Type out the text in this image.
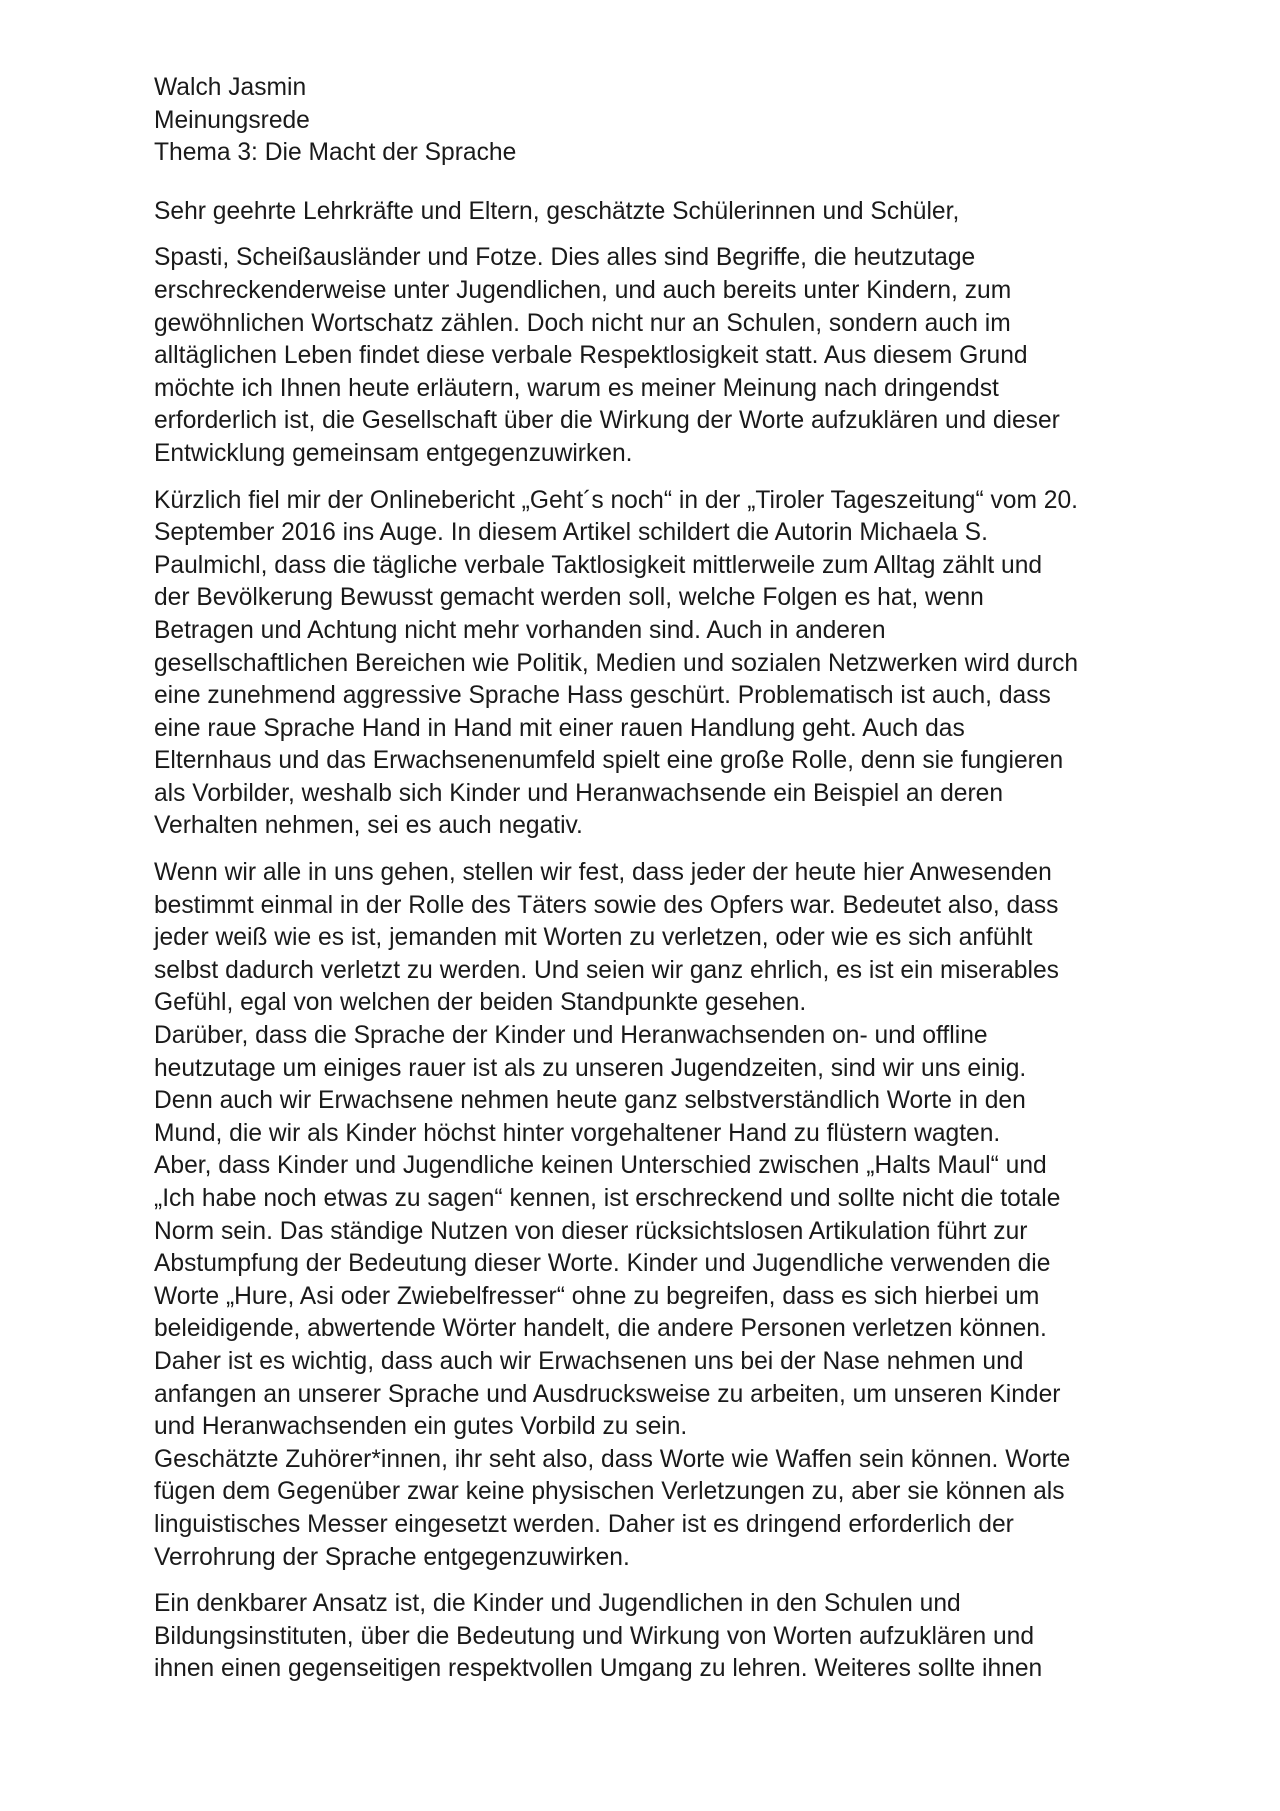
Walch Jasmin

Meinungsrede

Thema 3: Die Macht der Sprache

Sehr geehrte Lehrkräfte und Eltern, geschätzte Schülerinnen und Schüler,

Spasti, Scheißausländer und Fotze. Dies alles sind Begriffe, die heutzutage
erschreckenderweise unter Jugendlichen, und auch bereits unter Kindern, zum
gewöhnlichen Wortschatz zählen. Doch nicht nur an Schulen, sondern auch im
alltäglichen Leben findet diese verbale Respektlosigkeit statt. Aus diesem Grund
möchte ich Ihnen heute erläutern, warum es meiner Meinung nach dringendst
erforderlich ist, die Gesellschaft über die Wirkung der Worte aufzuklären und dieser
Entwicklung gemeinsam entgegenzuwirken.

Kürzlich fiel mir der Onlinebericht „Geht´s noch“ in der „Tiroler Tageszeitung“ vom 20.
September 2016 ins Auge. In diesem Artikel schildert die Autorin Michaela S.
Paulmichl, dass die tägliche verbale Taktlosigkeit mittlerweile zum Alltag zählt und
der Bevölkerung Bewusst gemacht werden soll, welche Folgen es hat, wenn
Betragen und Achtung nicht mehr vorhanden sind. Auch in anderen
gesellschaftlichen Bereichen wie Politik, Medien und sozialen Netzwerken wird durch
eine zunehmend aggressive Sprache Hass geschürt. Problematisch ist auch, dass
eine raue Sprache Hand in Hand mit einer rauen Handlung geht. Auch das
Elternhaus und das Erwachsenenumfeld spielt eine große Rolle, denn sie fungieren
als Vorbilder, weshalb sich Kinder und Heranwachsende ein Beispiel an deren
Verhalten nehmen, sei es auch negativ.

Wenn wir alle in uns gehen, stellen wir fest, dass jeder der heute hier Anwesenden
bestimmt einmal in der Rolle des Täters sowie des Opfers war. Bedeutet also, dass
jeder weiß wie es ist, jemanden mit Worten zu verletzen, oder wie es sich anfühlt
selbst dadurch verletzt zu werden. Und seien wir ganz ehrlich, es ist ein miserables
Gefühl, egal von welchen der beiden Standpunkte gesehen.
Darüber, dass die Sprache der Kinder und Heranwachsenden on- und offline
heutzutage um einiges rauer ist als zu unseren Jugendzeiten, sind wir uns einig.
Denn auch wir Erwachsene nehmen heute ganz selbstverständlich Worte in den
Mund, die wir als Kinder höchst hinter vorgehaltener Hand zu flüstern wagten.
Aber, dass Kinder und Jugendliche keinen Unterschied zwischen „Halts Maul“ und
„Ich habe noch etwas zu sagen“ kennen, ist erschreckend und sollte nicht die totale
Norm sein. Das ständige Nutzen von dieser rücksichtslosen Artikulation führt zur
Abstumpfung der Bedeutung dieser Worte. Kinder und Jugendliche verwenden die
Worte „Hure, Asi oder Zwiebelfresser“ ohne zu begreifen, dass es sich hierbei um
beleidigende, abwertende Wörter handelt, die andere Personen verletzen können.
Daher ist es wichtig, dass auch wir Erwachsenen uns bei der Nase nehmen und
anfangen an unserer Sprache und Ausdrucksweise zu arbeiten, um unseren Kinder
und Heranwachsenden ein gutes Vorbild zu sein.
Geschätzte Zuhörer*innen, ihr seht also, dass Worte wie Waffen sein können. Worte
fügen dem Gegenüber zwar keine physischen Verletzungen zu, aber sie können als
linguistisches Messer eingesetzt werden. Daher ist es dringend erforderlich der
Verrohrung der Sprache entgegenzuwirken.

Ein denkbarer Ansatz ist, die Kinder und Jugendlichen in den Schulen und
Bildungsinstituten, über die Bedeutung und Wirkung von Worten aufzuklären und
ihnen einen gegenseitigen respektvollen Umgang zu lehren. Weiteres sollte ihnen
